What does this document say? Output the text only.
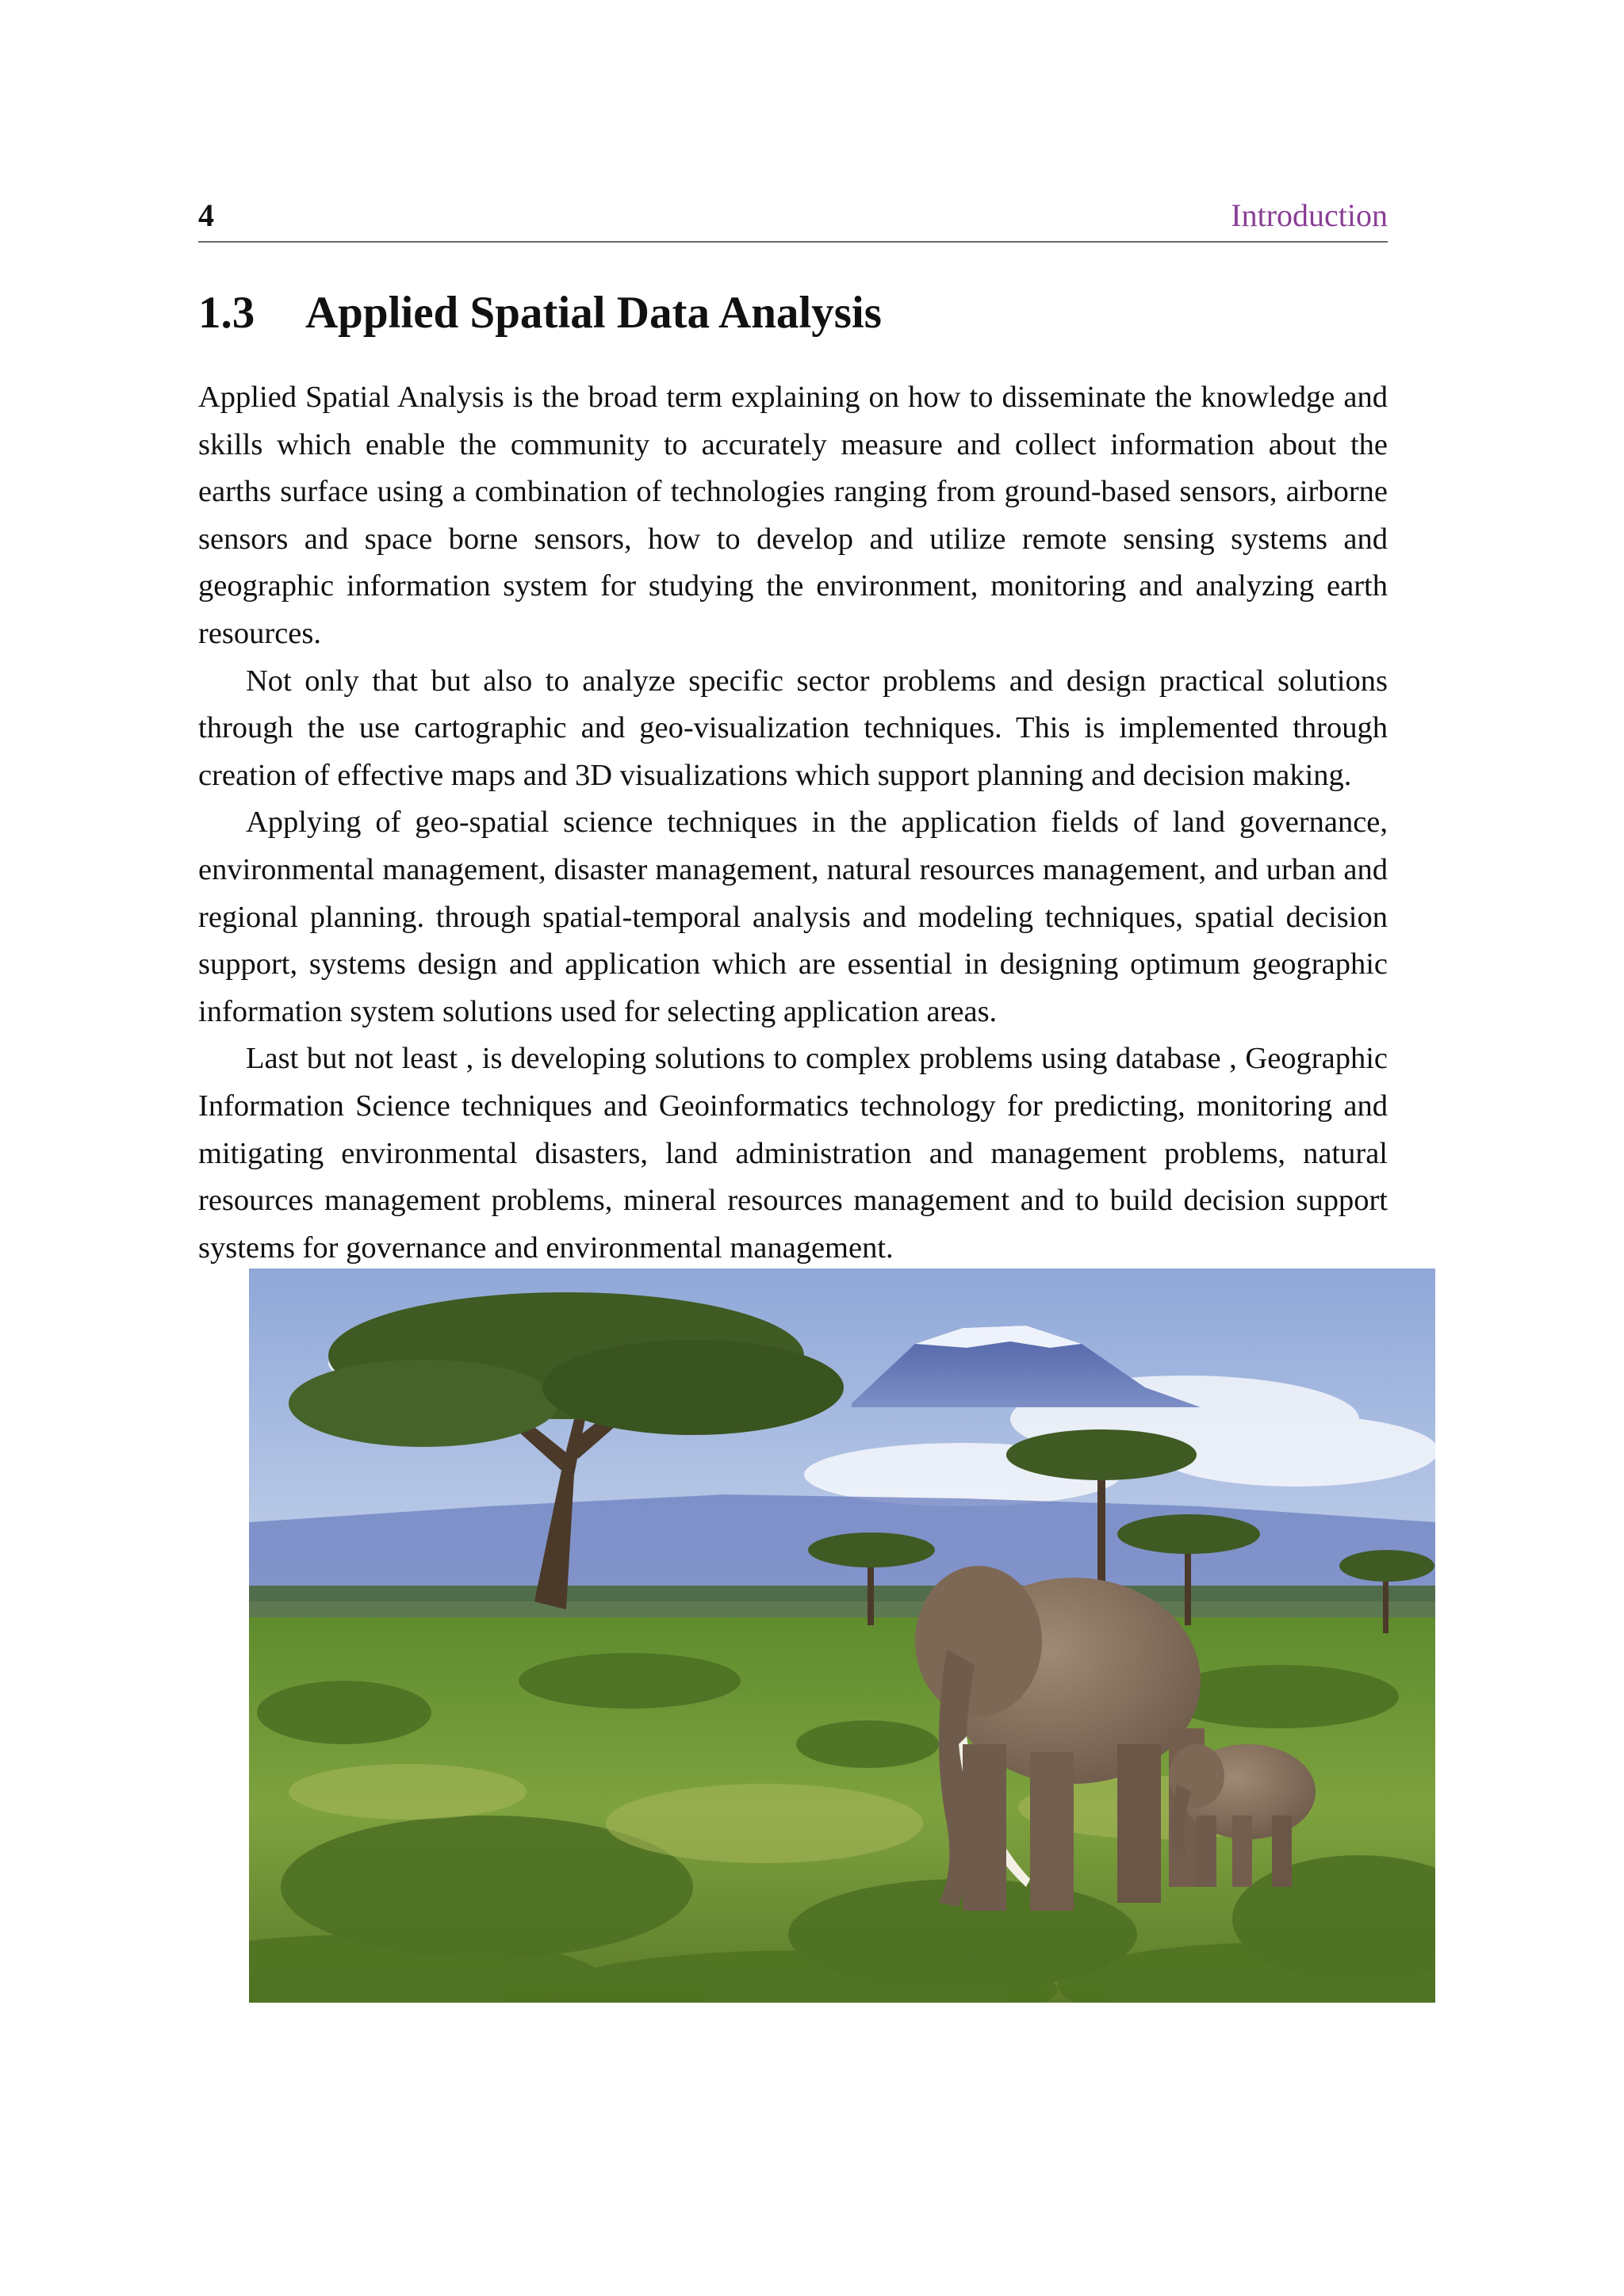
4	Introduction
1.3 Applied Spatial Data Analysis

Applied Spatial Analysis is the broad term explaining on how to disseminate the knowledge and skills which enable the community to accurately measure and collect information about the earths surface using a combination of technologies ranging from ground-based sensors, airborne sensors and space borne sensors, how to develop and utilize remote sensing systems and geographic information system for studying the environment, monitoring and analyzing earth resources.

Not only that but also to analyze specific sector problems and design practical solutions through the use cartographic and geo-visualization techniques. This is implemented through creation of effective maps and 3D visualizations which support planning and decision making.

Applying of geo-spatial science techniques in the application fields of land governance, environmental management, disaster management, natural resources management, and urban and regional planning. through spatial-temporal analysis and modeling techniques, spatial decision support, systems design and application which are essential in designing optimum geographic information system solutions used for selecting application areas.

Last but not least , is developing solutions to complex problems using database , Geographic Information Science techniques and Geoinformatics technology for predicting, monitoring and mitigating environmental disasters, land administration and management problems, natural resources management problems, mineral resources management and to build decision support systems for governance and environmental management.
